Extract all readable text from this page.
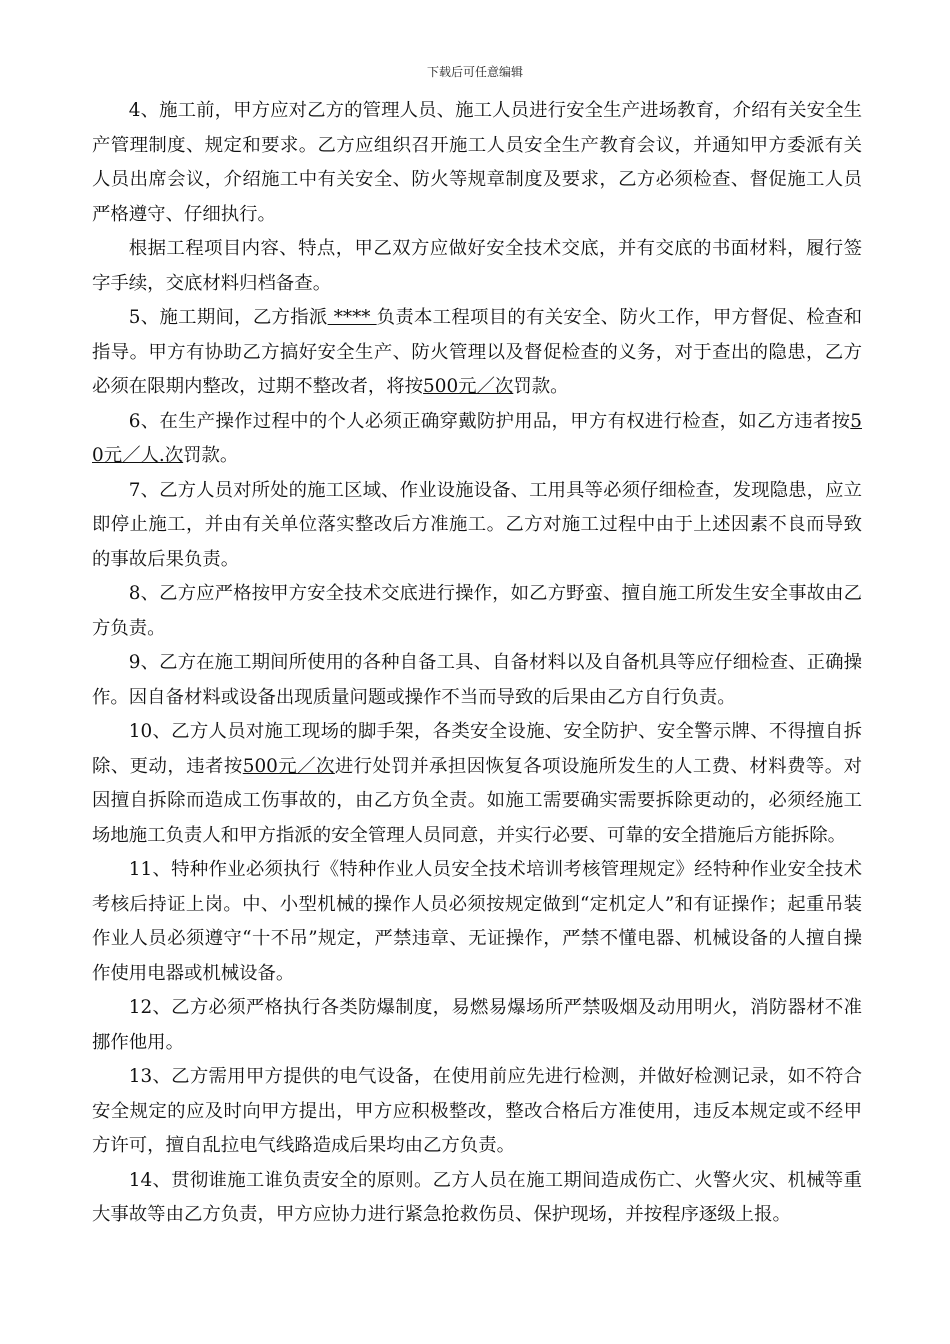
下载后可任意编辑

4、施工前，甲方应对乙方的管理人员、施工人员进行安全生产进场教育，介绍有关安全生产管理制度、规定和要求。乙方应组织召开施工人员安全生产教育会议，并通知甲方委派有关人员出席会议，介绍施工中有关安全、防火等规章制度及要求，乙方必须检查、督促施工人员严格遵守、仔细执行。

根据工程项目内容、特点，甲乙双方应做好安全技术交底，并有交底的书面材料，履行签字手续，交底材料归档备查。

5、施工期间，乙方指派 **** 负责本工程项目的有关安全、防火工作，甲方督促、检查和指导。甲方有协助乙方搞好安全生产、防火管理以及督促检查的义务，对于查出的隐患，乙方必须在限期内整改，过期不整改者，将按500元／次罚款。

6、在生产操作过程中的个人必须正确穿戴防护用品，甲方有权进行检查，如乙方违者按50元／人.次罚款。

7、乙方人员对所处的施工区域、作业设施设备、工用具等必须仔细检查，发现隐患，应立即停止施工，并由有关单位落实整改后方准施工。乙方对施工过程中由于上述因素不良而导致的事故后果负责。

8、乙方应严格按甲方安全技术交底进行操作，如乙方野蛮、擅自施工所发生安全事故由乙方负责。

9、乙方在施工期间所使用的各种自备工具、自备材料以及自备机具等应仔细检查、正确操作。因自备材料或设备出现质量问题或操作不当而导致的后果由乙方自行负责。

10、乙方人员对施工现场的脚手架，各类安全设施、安全防护、安全警示牌、不得擅自拆除、更动，违者按500元／次进行处罚并承担因恢复各项设施所发生的人工费、材料费等。对因擅自拆除而造成工伤事故的，由乙方负全责。如施工需要确实需要拆除更动的，必须经施工场地施工负责人和甲方指派的安全管理人员同意，并实行必要、可靠的安全措施后方能拆除。

11、特种作业必须执行《特种作业人员安全技术培训考核管理规定》经特种作业安全技术考核后持证上岗。中、小型机械的操作人员必须按规定做到“定机定人”和有证操作；起重吊装作业人员必须遵守“十不吊”规定，严禁违章、无证操作，严禁不懂电器、机械设备的人擅自操作使用电器或机械设备。

12、乙方必须严格执行各类防爆制度，易燃易爆场所严禁吸烟及动用明火，消防器材不准挪作他用。

13、乙方需用甲方提供的电气设备，在使用前应先进行检测，并做好检测记录，如不符合安全规定的应及时向甲方提出，甲方应积极整改，整改合格后方准使用，违反本规定或不经甲方许可，擅自乱拉电气线路造成后果均由乙方负责。

14、贯彻谁施工谁负责安全的原则。乙方人员在施工期间造成伤亡、火警火灾、机械等重大事故等由乙方负责，甲方应协力进行紧急抢救伤员、保护现场，并按程序逐级上报。
